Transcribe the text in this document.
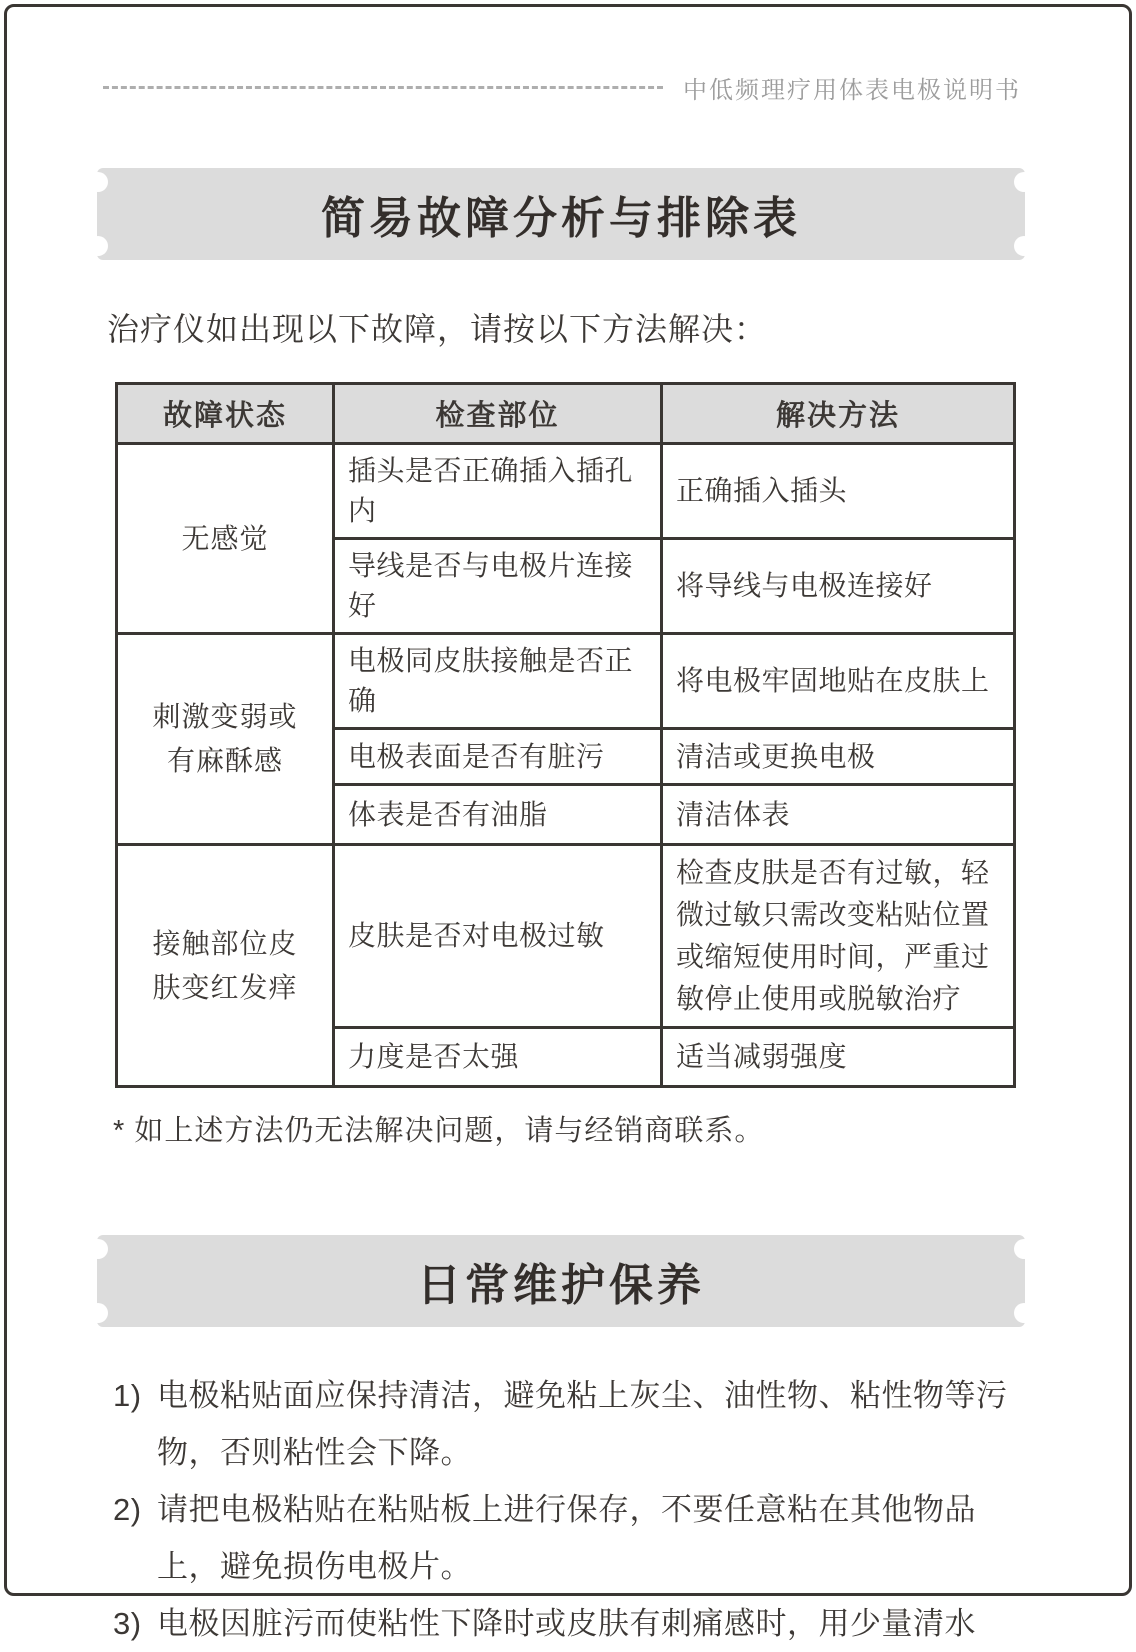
中低频理疗用体表电极说明书
简易故障分析与排除表
治疗仪如出现以下故障，请按以下方法解决：
故障状态	检查部位	解决方法
无感觉	插头是否正确插入插孔内	正确插入插头
	导线是否与电极片连接好	将导线与电极连接好
刺激变弱或有麻酥感	电极同皮肤接触是否正确	将电极牢固地贴在皮肤上
	电极表面是否有脏污	清洁或更换电极
	体表是否有油脂	清洁体表
接触部位皮肤变红发痒	皮肤是否对电极过敏	检查皮肤是否有过敏，轻微过敏只需改变粘贴位置或缩短使用时间，严重过敏停止使用或脱敏治疗
	力度是否太强	适当减弱强度
* 如上述方法仍无法解决问题，请与经销商联系。
日常维护保养
1) 电极粘贴面应保持清洁，避免粘上灰尘、油性物、粘性物等污物，否则粘性会下降。
2) 请把电极粘贴在粘贴板上进行保存，不要任意粘在其他物品上，避免损伤电极片。
3) 电极因脏污而使粘性下降时或皮肤有刺痛感时，用少量清水
